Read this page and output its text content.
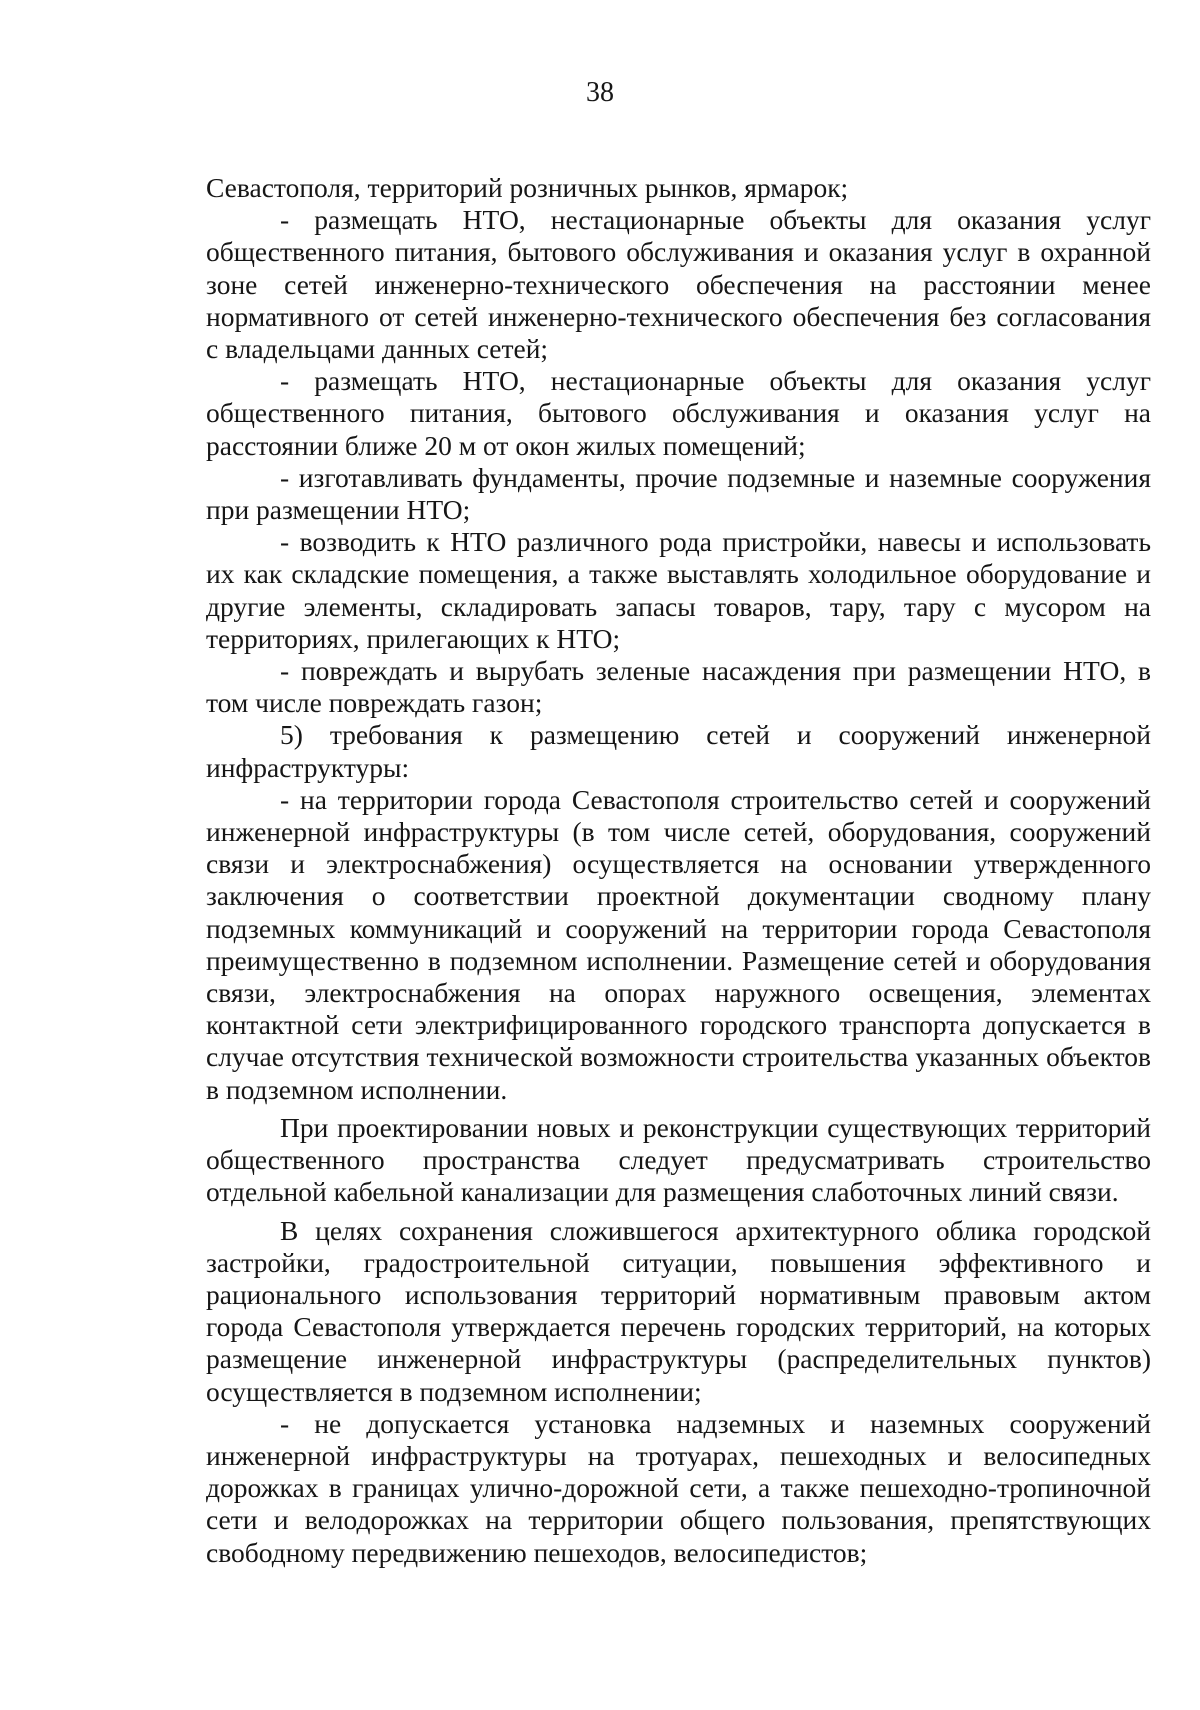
38

Севастополя, территорий розничных рынков, ярмарок;

- размещать НТО, нестационарные объекты для оказания услуг общественного питания, бытового обслуживания и оказания услуг в охранной зоне сетей инженерно-технического обеспечения на расстоянии менее нормативного от сетей инженерно-технического обеспечения без согласования с владельцами данных сетей;

- размещать НТО, нестационарные объекты для оказания услуг общественного питания, бытового обслуживания и оказания услуг на расстоянии ближе 20 м от окон жилых помещений;

- изготавливать фундаменты, прочие подземные и наземные сооружения при размещении НТО;

- возводить к НТО различного рода пристройки, навесы и использовать их как складские помещения, а также выставлять холодильное оборудование и другие элементы, складировать запасы товаров, тару, тару с мусором на территориях, прилегающих к НТО;

- повреждать и вырубать зеленые насаждения при размещении НТО, в том числе повреждать газон;

5) требования к размещению сетей и сооружений инженерной инфраструктуры:

- на территории города Севастополя строительство сетей и сооружений инженерной инфраструктуры (в том числе сетей, оборудования, сооружений связи и электроснабжения) осуществляется на основании утвержденного заключения о соответствии проектной документации сводному плану подземных коммуникаций и сооружений на территории города Севастополя преимущественно в подземном исполнении. Размещение сетей и оборудования связи, электроснабжения на опорах наружного освещения, элементах контактной сети электрифицированного городского транспорта допускается в случае отсутствия технической возможности строительства указанных объектов в подземном исполнении.

При проектировании новых и реконструкции существующих территорий общественного пространства следует предусматривать строительство отдельной кабельной канализации для размещения слаботочных линий связи.

В целях сохранения сложившегося архитектурного облика городской застройки, градостроительной ситуации, повышения эффективного и рационального использования территорий нормативным правовым актом города Севастополя утверждается перечень городских территорий, на которых размещение инженерной инфраструктуры (распределительных пунктов) осуществляется в подземном исполнении;

- не допускается установка надземных и наземных сооружений инженерной инфраструктуры на тротуарах, пешеходных и велосипедных дорожках в границах улично-дорожной сети, а также пешеходно-тропиночной сети и велодорожках на территории общего пользования, препятствующих свободному передвижению пешеходов, велосипедистов;
